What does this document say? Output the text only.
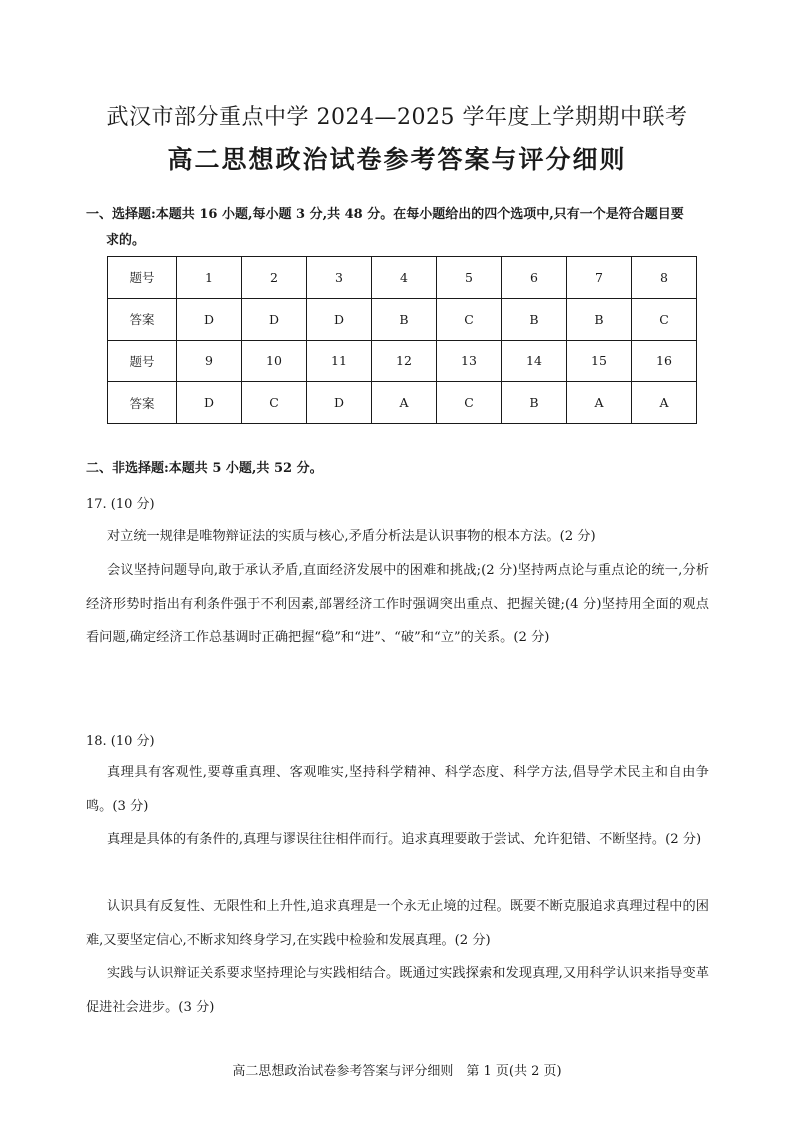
武汉市部分重点中学 2024—2025 学年度上学期期中联考
高二思想政治试卷参考答案与评分细则
一、选择题:本题共 16 小题,每小题 3 分,共 48 分。在每小题给出的四个选项中,只有一个是符合题目要
求的。
题号	1	2	3	4	5	6	7	8
答案	D	D	D	B	C	B	B	C
题号	9	10	11	12	13	14	15	16
答案	D	C	D	A	C	B	A	A
二、非选择题:本题共 5 小题,共 52 分。
17. (10 分)
对立统一规律是唯物辩证法的实质与核心,矛盾分析法是认识事物的根本方法。(2 分)
会议坚持问题导向,敢于承认矛盾,直面经济发展中的困难和挑战;(2 分)坚持两点论与重点论的统一,分析经济形势时指出有利条件强于不利因素,部署经济工作时强调突出重点、把握关键;(4 分)坚持用全面的观点看问题,确定经济工作总基调时正确把握“稳”和“进”、“破”和“立”的关系。(2 分)
18. (10 分)
真理具有客观性,要尊重真理、客观唯实,坚持科学精神、科学态度、科学方法,倡导学术民主和自由争鸣。(3 分)
真理是具体的有条件的,真理与谬误往往相伴而行。追求真理要敢于尝试、允许犯错、不断坚持。(2 分)
认识具有反复性、无限性和上升性,追求真理是一个永无止境的过程。既要不断克服追求真理过程中的困难,又要坚定信心,不断求知终身学习,在实践中检验和发展真理。(2 分)
实践与认识辩证关系要求坚持理论与实践相结合。既通过实践探索和发现真理,又用科学认识来指导变革促进社会进步。(3 分)
高二思想政治试卷参考答案与评分细则　第 1 页(共 2 页)
